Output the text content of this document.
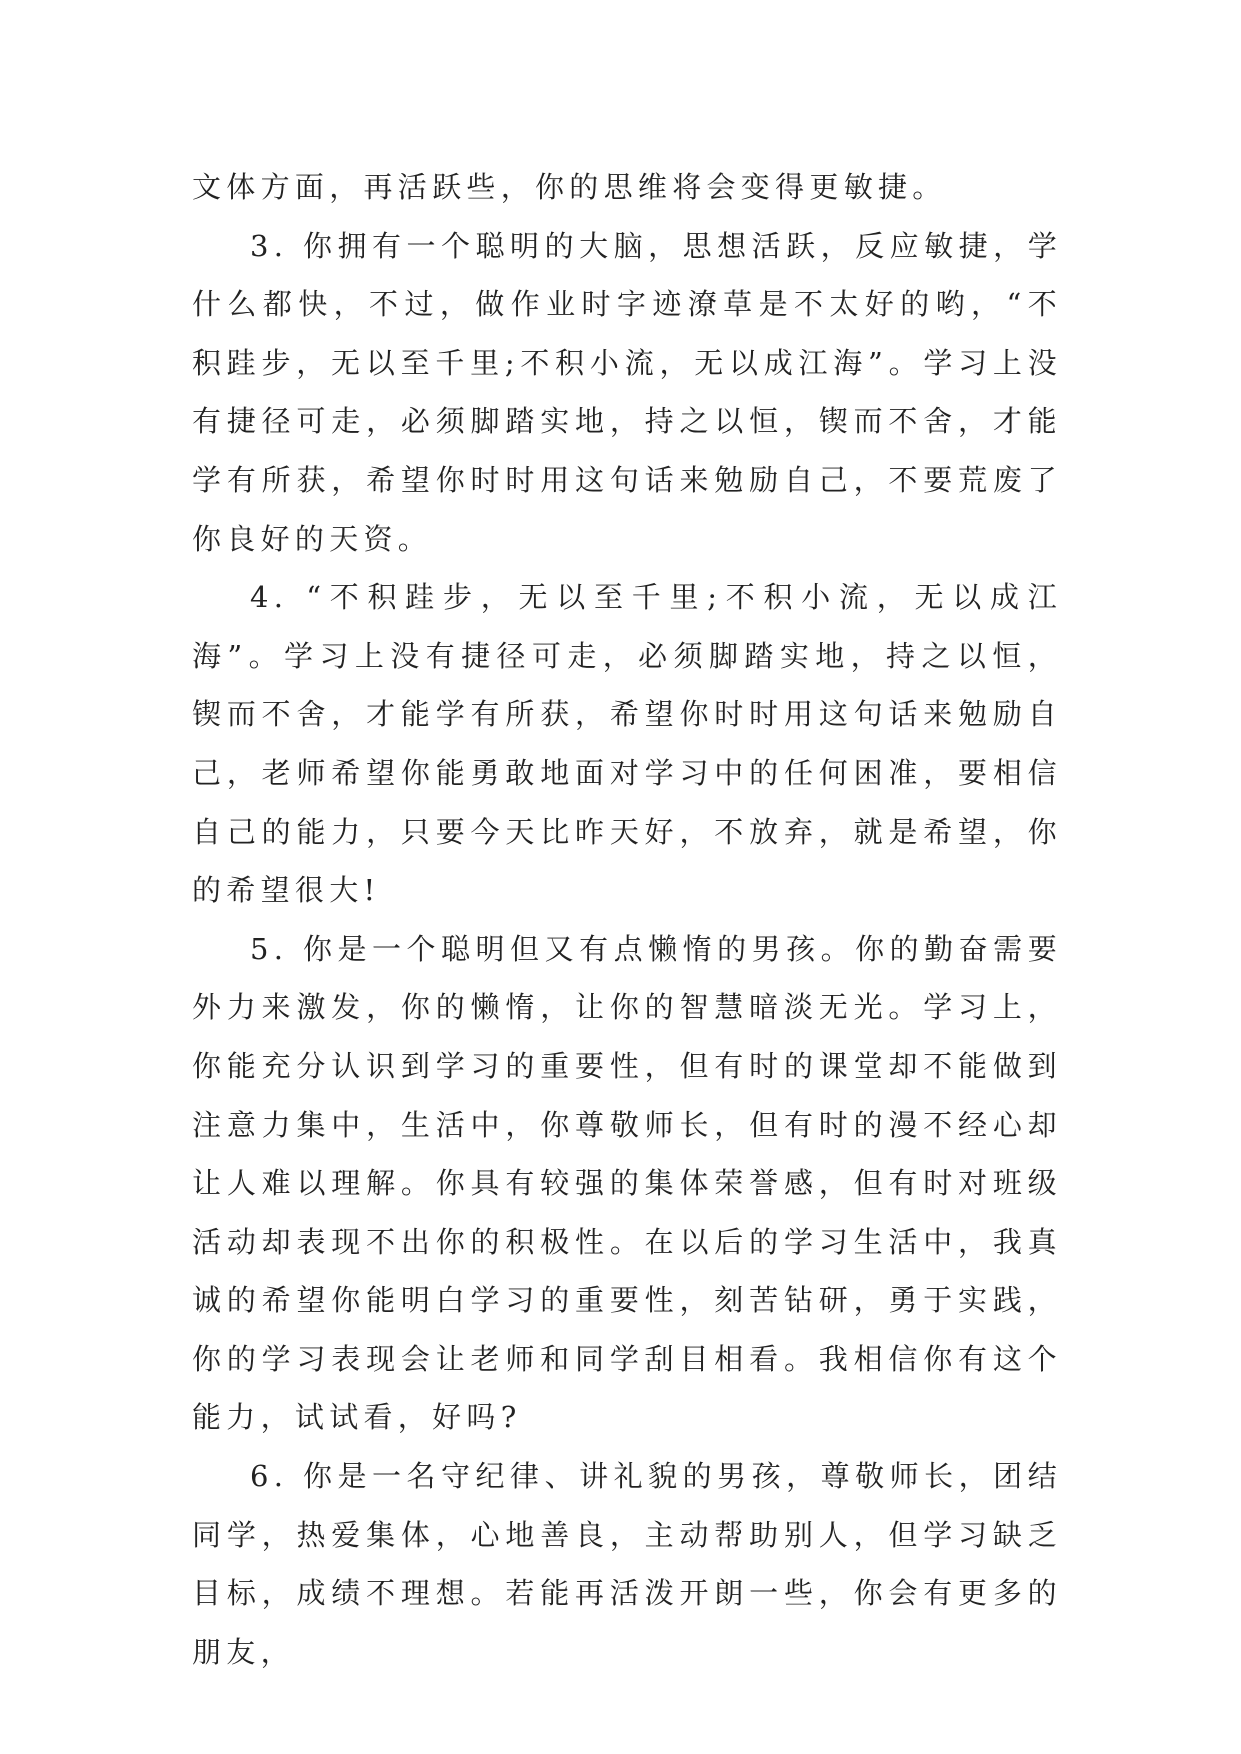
文体方面，再活跃些，你的思维将会变得更敏捷。

3. 你拥有一个聪明的大脑，思想活跃，反应敏捷，学什么都快，不过，做作业时字迹潦草是不太好的哟，“不积跬步，无以至千里;不积小流，无以成江海”。学习上没有捷径可走，必须脚踏实地，持之以恒，锲而不舍，才能学有所获，希望你时时用这句话来勉励自己，不要荒废了你良好的天资。

4. “不积跬步，无以至千里;不积小流，无以成江海”。学习上没有捷径可走，必须脚踏实地，持之以恒，锲而不舍，才能学有所获，希望你时时用这句话来勉励自己，老师希望你能勇敢地面对学习中的任何困准，要相信自己的能力，只要今天比昨天好，不放弃，就是希望，你的希望很大!

5. 你是一个聪明但又有点懒惰的男孩。你的勤奋需要外力来激发，你的懒惰，让你的智慧暗淡无光。学习上，你能充分认识到学习的重要性，但有时的课堂却不能做到注意力集中，生活中，你尊敬师长，但有时的漫不经心却让人难以理解。你具有较强的集体荣誉感，但有时对班级活动却表现不出你的积极性。在以后的学习生活中，我真诚的希望你能明白学习的重要性，刻苦钻研，勇于实践，你的学习表现会让老师和同学刮目相看。我相信你有这个能力，试试看，好吗?

6. 你是一名守纪律、讲礼貌的男孩，尊敬师长，团结同学，热爱集体，心地善良，主动帮助别人，但学习缺乏目标，成绩不理想。若能再活泼开朗一些，你会有更多的朋友，
